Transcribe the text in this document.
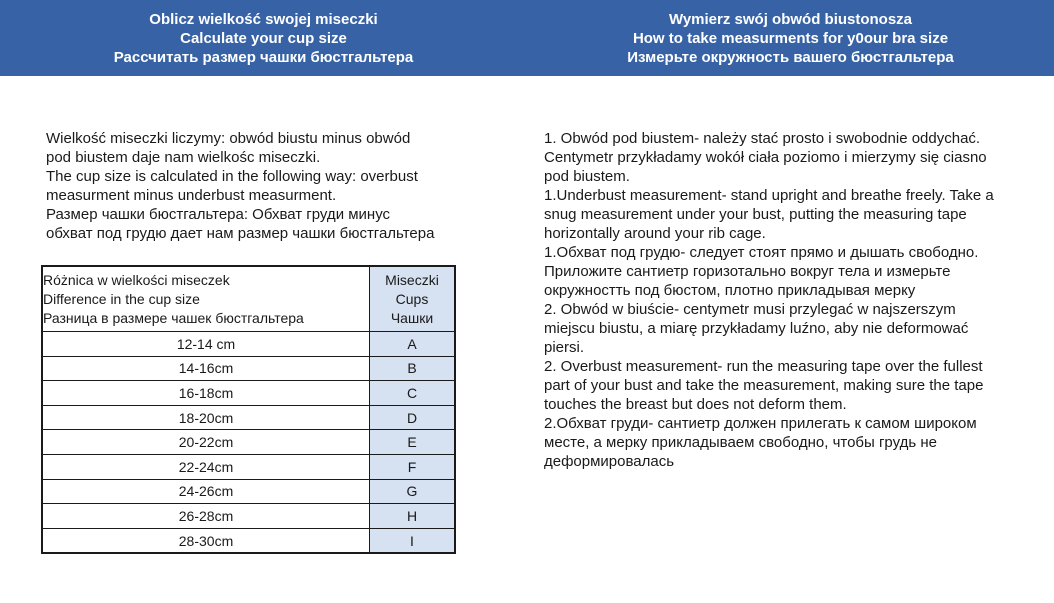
Oblicz wielkość swojej miseczki
Calculate your cup size
Рассчитать размер чашки бюстгальтера
Wymierz swój obwód biustonosza
How to take measurments for y0our bra size
Измерьте окружность вашего бюстгальтера
Wielkość miseczki liczymy: obwód biustu minus obwód
pod biustem daje nam wielkośc miseczki.
The cup size is calculated in the following way: overbust
measurment minus underbust measurment.
Размер чашки бюстгальтера: Обхват груди минус
обхват под грудю дает нам размер чашки бюстгальтера
Różnica w wielkości miseczek
Difference in the cup size
Разница в размере чашек бюстгальтера	Miseczki
Cups
Чашки

12-14 cm	A
14-16cm	B
16-18cm	C
18-20cm	D
20-22cm	E
22-24cm	F
24-26cm	G
26-28cm	H
28-30cm	I
1. Obwód pod biustem- należy stać prosto i swobodnie oddychać.
Centymetr przykładamy wokół ciała poziomo i mierzymy się ciasno
pod biustem.
1.Underbust measurement- stand upright and breathe freely. Take a
snug measurement under your bust, putting the measuring tape
horizontally around your rib cage.
1.Обхват под грудю- следует стоят прямо и дышать свободно.
Приложите сантиетр горизотально вокруг тела и измерьте
окружностть под бюстом, плотно прикладывая мерку
2. Obwód w biuście- centymetr musi przylegać w najszerszym
miejscu biustu, a miarę przykładamy luźno, aby nie deformować
piersi.
2. Overbust measurement- run the measuring tape over the fullest
part of your bust and take the measurement, making sure the tape
touches the breast but does not deform them.
2.Обхват груди- сантиетр должен прилегать к самом широком
месте, а мерку прикладываем свободно, чтобы грудь не
деформировалась
